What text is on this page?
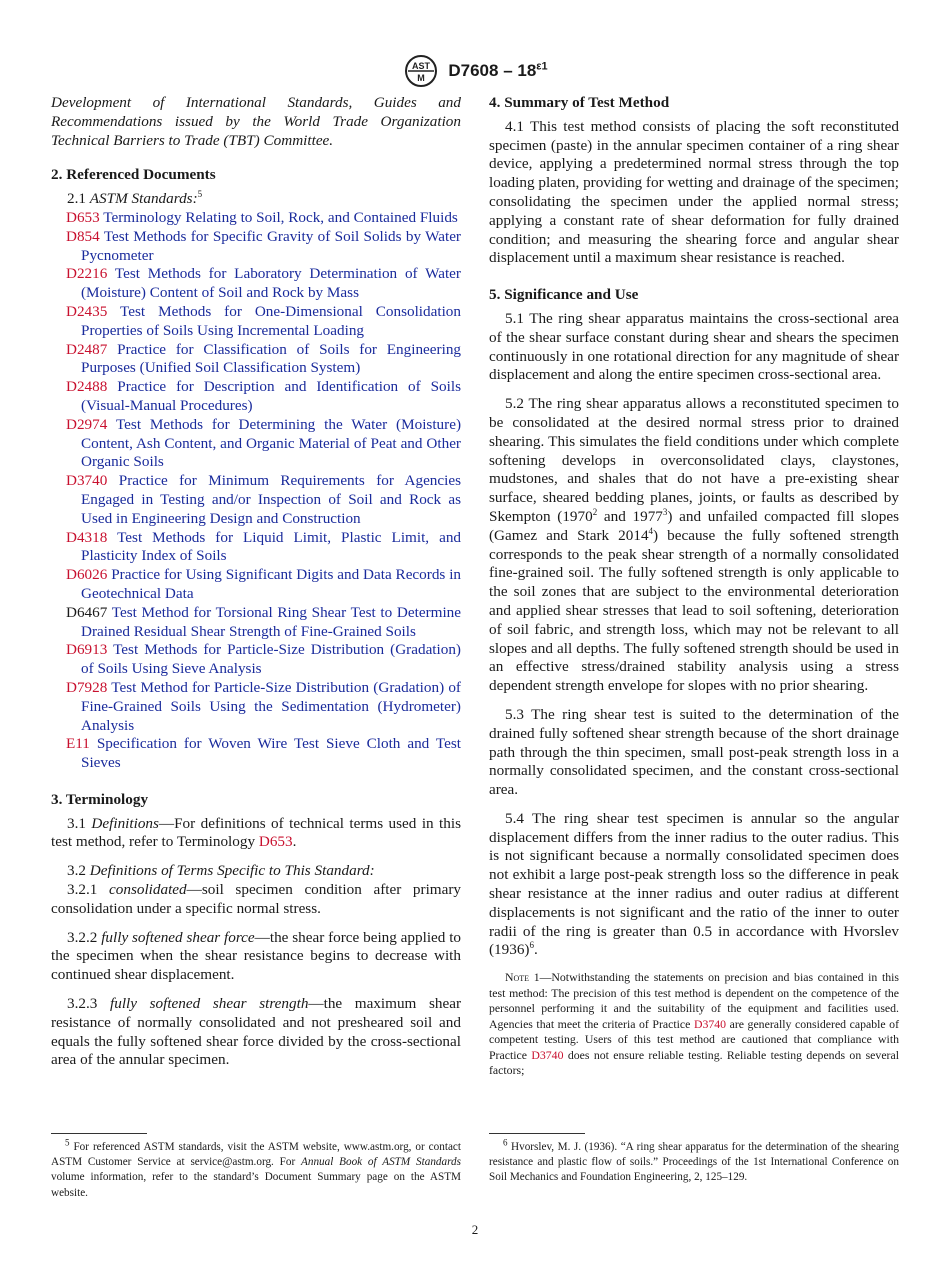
AST
M $D7608 - 18^{\varepsilon 1}$

Development of International Standards, Guides and Recommendations issued by the World Trade Organization Technical Barriers to Trade (TBT) Committee.

2. Referenced Documents

2.1 ASTM Standards:$^5$

D653 Terminology Relating to Soil, Rock, and Contained Fluids

D854 Test Methods for Specific Gravity of Soil Solids by Water Pycnometer

D2216 Test Methods for Laboratory Determination of Water (Moisture) Content of Soil and Rock by Mass

D2435 Test Methods for One-Dimensional Consolidation Properties of Soils Using Incremental Loading

D2487 Practice for Classification of Soils for Engineering Purposes (Unified Soil Classification System)

D2488 Practice for Description and Identification of Soils (Visual-Manual Procedures)

D2974 Test Methods for Determining the Water (Moisture) Content, Ash Content, and Organic Material of Peat and Other Organic Soils

D3740 Practice for Minimum Requirements for Agencies Engaged in Testing and/or Inspection of Soil and Rock as Used in Engineering Design and Construction

D4318 Test Methods for Liquid Limit, Plastic Limit, and Plasticity Index of Soils

D6026 Practice for Using Significant Digits and Data Records in Geotechnical Data

D6467 Test Method for Torsional Ring Shear Test to Determine Drained Residual Shear Strength of Fine-Grained Soils

D6913 Test Methods for Particle-Size Distribution (Gradation) of Soils Using Sieve Analysis

D7928 Test Method for Particle-Size Distribution (Gradation) of Fine-Grained Soils Using the Sedimentation (Hydrometer) Analysis

E11 Specification for Woven Wire Test Sieve Cloth and Test Sieves

3. Terminology

3.1 Definitions—For definitions of technical terms used in this test method, refer to Terminology D653.

3.2 Definitions of Terms Specific to This Standard:

3.2.1 consolidated—soil specimen condition after primary consolidation under a specific normal stress.

3.2.2 fully softened shear force—the shear force being applied to the specimen when the shear resistance begins to decrease with continued shear displacement.

3.2.3 fully softened shear strength—the maximum shear resistance of normally consolidated and not presheared soil and equals the fully softened shear force divided by the cross-sectional area of the annular specimen.

4. Summary of Test Method

4.1 This test method consists of placing the soft reconstituted specimen (paste) in the annular specimen container of a ring shear device, applying a predetermined normal stress through the top loading platen, providing for wetting and drainage of the specimen; consolidating the specimen under the applied normal stress; applying a constant rate of shear deformation for fully drained condition; and measuring the shearing force and angular shear displacement until a maximum shear resistance is reached.

5. Significance and Use

5.1 The ring shear apparatus maintains the cross-sectional area of the shear surface constant during shear and shears the specimen continuously in one rotational direction for any magnitude of shear displacement and along the entire specimen cross-sectional area.

5.2 The ring shear apparatus allows a reconstituted specimen to be consolidated at the desired normal stress prior to drained shearing. This simulates the field conditions under which complete softening develops in overconsolidated clays, claystones, mudstones, and shales that do not have a pre-existing shear surface, sheared bedding planes, joints, or faults as described by Skempton (1970$^2$ and 1977$^3$) and unfailed compacted fill slopes (Gamez and Stark 2014$^4$) because the fully softened strength corresponds to the peak shear strength of a normally consolidated fine-grained soil. The fully softened strength is only applicable to the soil zones that are subject to the environmental deterioration and applied shear stresses that lead to soil softening, deterioration of soil fabric, and strength loss, which may not be relevant to all slopes and all depths. The fully softened strength should be used in an effective stress/drained stability analysis using a stress dependent strength envelope for slopes with no prior shearing.

5.3 The ring shear test is suited to the determination of the drained fully softened shear strength because of the short drainage path through the thin specimen, small post-peak strength loss in a normally consolidated specimen, and the constant cross-sectional area.

5.4 The ring shear test specimen is annular so the angular displacement differs from the inner radius to the outer radius. This is not significant because a normally consolidated specimen does not exhibit a large post-peak strength loss so the difference in peak shear resistance at the inner radius and outer radius at different displacements is not significant and the ratio of the inner to outer radii of the ring is greater than 0.5 in accordance with Hvorslev $(1936)^6$.

Note 1—Notwithstanding the statements on precision and bias contained in this test method: The precision of this test method is dependent on the competence of the personnel performing it and the suitability of the equipment and facilities used. Agencies that meet the criteria of Practice D3740 are generally considered capable of competent testing. Users of this test method are cautioned that compliance with Practice D3740 does not ensure reliable testing. Reliable testing depends on several factors;

$^5$ For referenced ASTM standards, visit the ASTM website, www.astm.org, or contact ASTM Customer Service at service@astm.org. For Annual Book of ASTM Standards volume information, refer to the standard’s Document Summary page on the ASTM website.

$^6$ Hvorslev, M. J. (1936). “A ring shear apparatus for the determination of the shearing resistance and plastic flow of soils.” Proceedings of the 1st International Conference on Soil Mechanics and Foundation Engineering, 2, 125–129.

2
